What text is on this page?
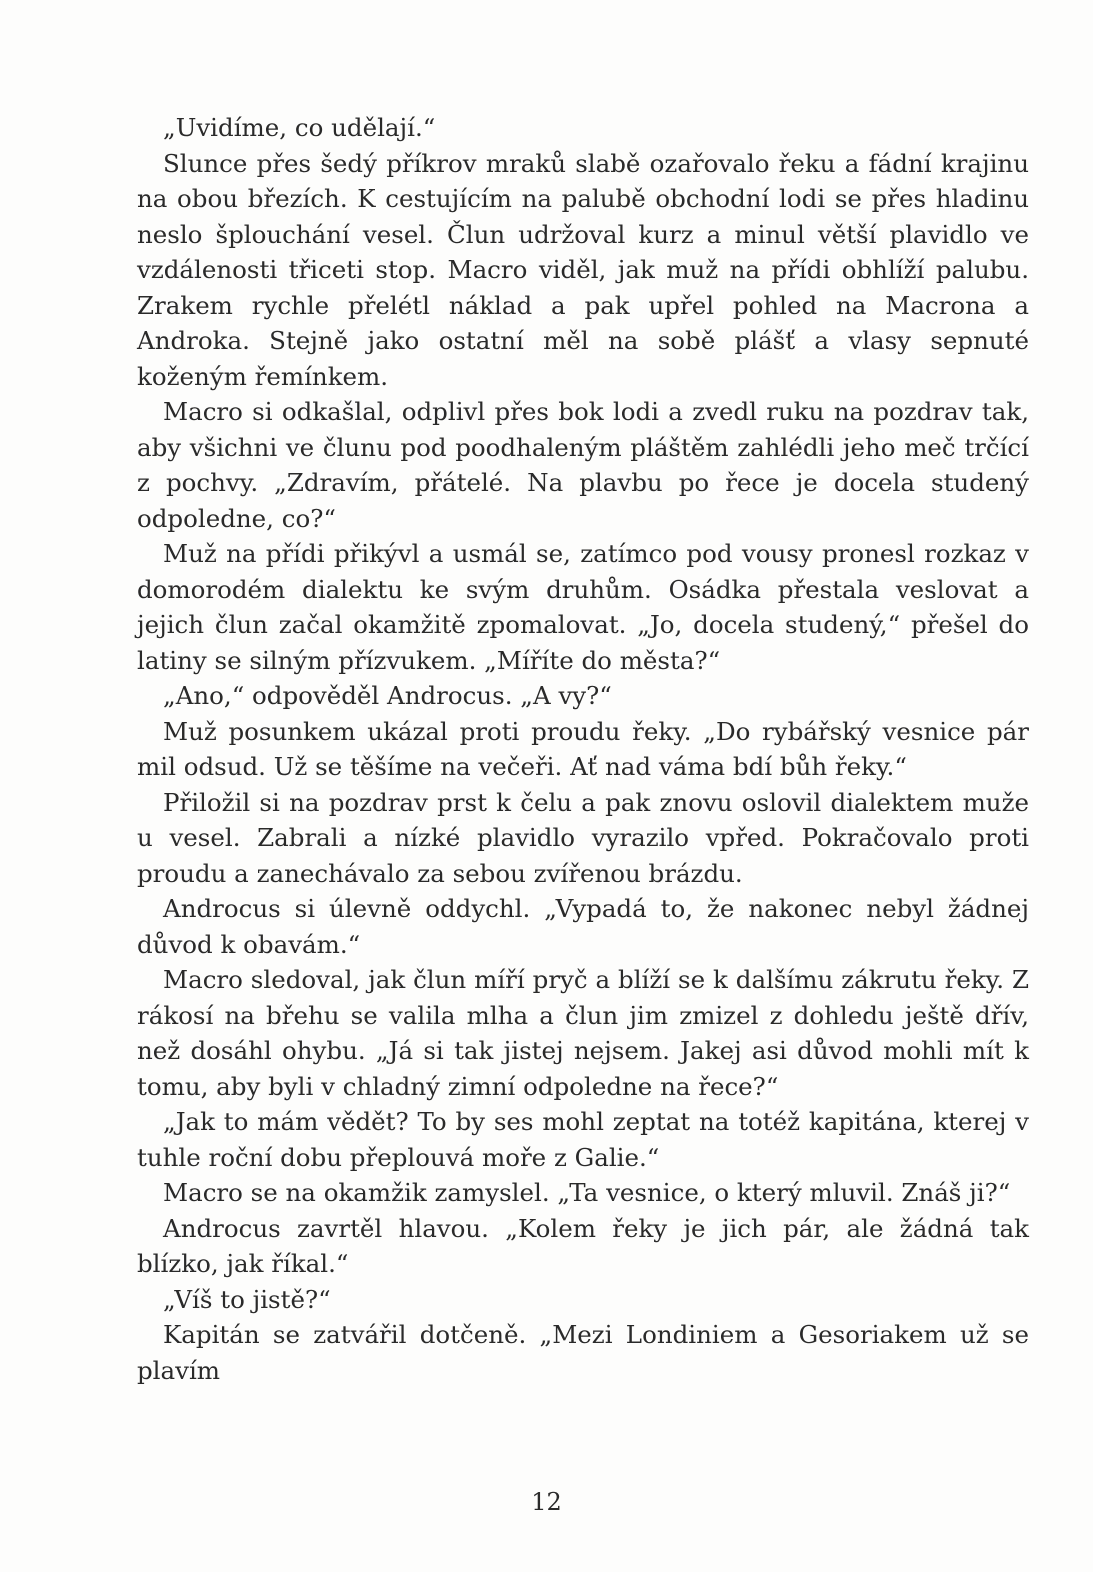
„Uvidíme, co udělají.“

Slunce přes šedý příkrov mraků slabě ozařovalo řeku a fádní krajinu na obou březích. K cestujícím na palubě obchodní lodi se přes hladinu neslo šplouchání vesel. Člun udržoval kurz a minul větší plavidlo ve vzdálenosti třiceti stop. Macro viděl, jak muž na přídi obhlíží palubu. Zrakem rychle přelétl náklad a pak upřel pohled na Macrona a Androka. Stejně jako ostatní měl na sobě plášť a vlasy sepnuté koženým řemínkem.

Macro si odkašlal, odplivl přes bok lodi a zvedl ruku na pozdrav tak, aby všichni ve člunu pod poodhaleným pláštěm zahlédli jeho meč trčící z pochvy. „Zdravím, přátelé. Na plavbu po řece je docela studený odpoledne, co?“

Muž na přídi přikývl a usmál se, zatímco pod vousy pronesl rozkaz v domorodém dialektu ke svým druhům. Osádka přestala veslovat a jejich člun začal okamžitě zpomalovat. „Jo, docela studený,“ přešel do latiny se silným přízvukem. „Míříte do města?“

„Ano,“ odpověděl Androcus. „A vy?“

Muž posunkem ukázal proti proudu řeky. „Do rybářský vesnice pár mil odsud. Už se těšíme na večeři. Ať nad váma bdí bůh řeky.“

Přiložil si na pozdrav prst k čelu a pak znovu oslovil dialektem muže u vesel. Zabrali a nízké plavidlo vyrazilo vpřed. Pokračovalo proti proudu a zanechávalo za sebou zvířenou brázdu.

Androcus si úlevně oddychl. „Vypadá to, že nakonec nebyl žádnej důvod k obavám.“

Macro sledoval, jak člun míří pryč a blíží se k dalšímu zákrutu řeky. Z rákosí na břehu se valila mlha a člun jim zmizel z dohledu ještě dřív, než dosáhl ohybu. „Já si tak jistej nejsem. Jakej asi důvod mohli mít k tomu, aby byli v chladný zimní odpoledne na řece?“

„Jak to mám vědět? To by ses mohl zeptat na totéž kapitána, kterej v tuhle roční dobu přeplouvá moře z Galie.“

Macro se na okamžik zamyslel. „Ta vesnice, o který mluvil. Znáš ji?“

Androcus zavrtěl hlavou. „Kolem řeky je jich pár, ale žádná tak blízko, jak říkal.“

„Víš to jistě?“

Kapitán se zatvářil dotčeně. „Mezi Londiniem a Gesoriakem už se plavím

12
